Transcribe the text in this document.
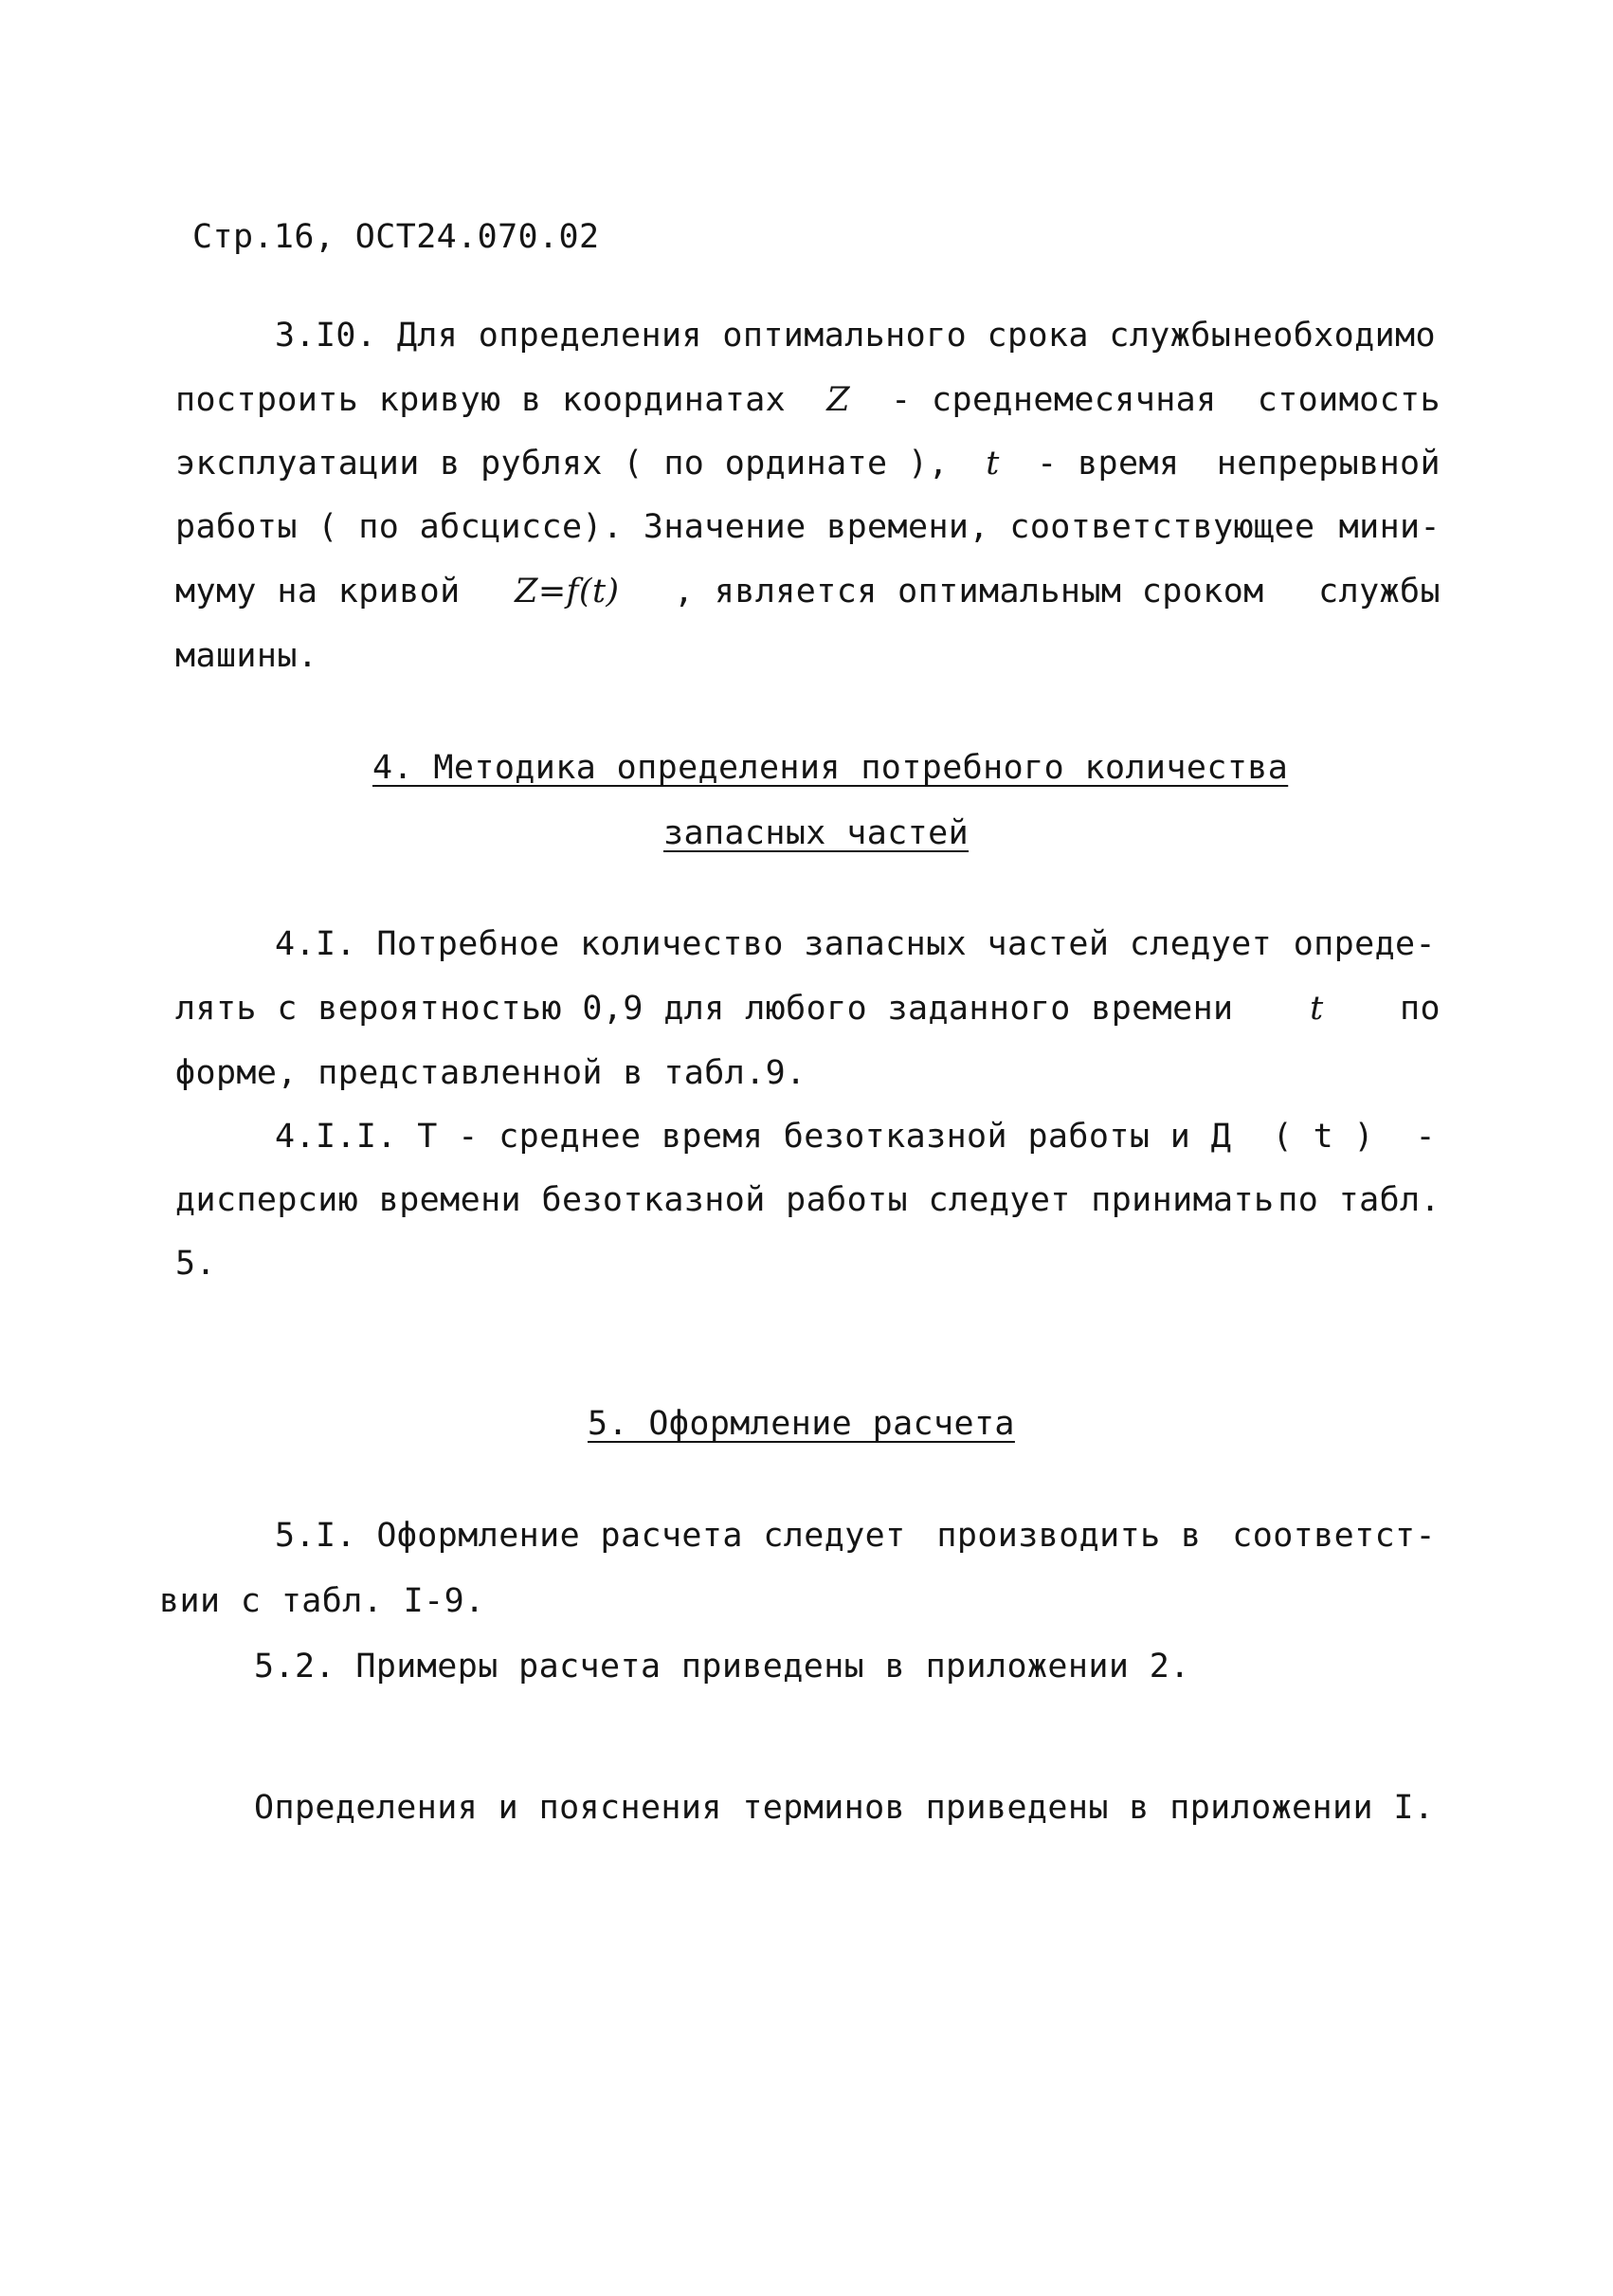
Стр.16, ОСТ24.070.02
3.I0. Для определения оптимального срока службы необходимо
построить кривую в координатах Z - среднемесячная стоимость
эксплуатации в рублях ( по ординате ), t - время непрерывной
работы ( по абсциссе). Значение времени, соответствующее мини-
муму на кривой Z=f(t) , является оптимальным сроком службы
машины.
4. Методика определения потребного количества
запасных частей
4.I. Потребное количество запасных частей следует опреде-
лять с вероятностью 0,9 для любого заданного времени t по
форме, представленной в табл.9.
4.I.I. Т - среднее время безотказной работы и Д ( t ) -
дисперсию времени безотказной работы следует принимать по табл.
5.
5. Оформление расчета
5.I. Оформление расчета следует производить в соответст-
вии с табл. I-9.
5.2. Примеры расчета приведены в приложении 2.
Определения и пояснения терминов приведены в приложении I.
